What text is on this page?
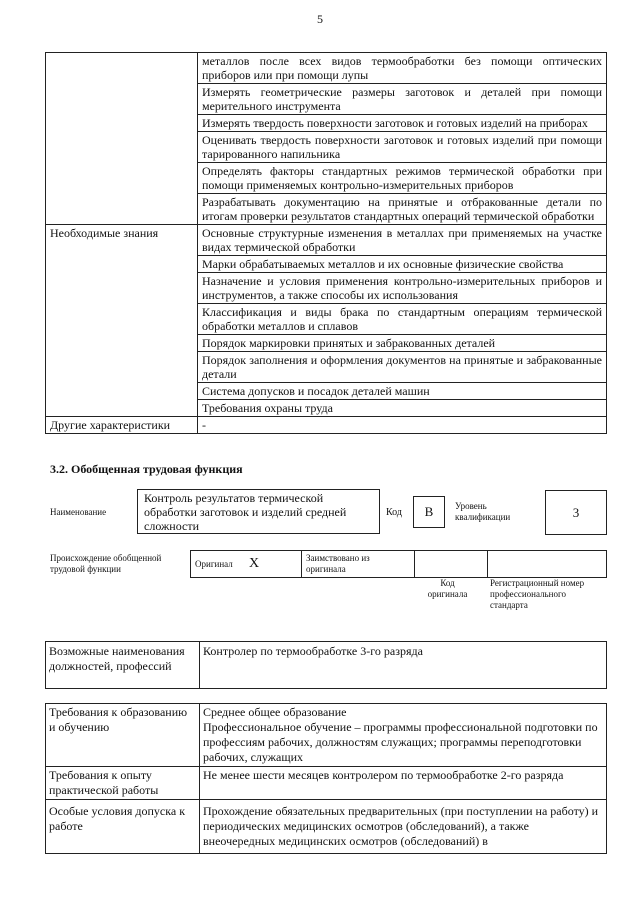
5
	металлов после всех видов термообработки без помощи оптических приборов или при помощи лупы
	Измерять геометрические размеры заготовок и деталей при помощи мерительного инструмента
	Измерять твердость поверхности заготовок и готовых изделий на приборах
	Оценивать твердость поверхности заготовок и готовых изделий при помощи тарированного напильника
	Определять факторы стандартных режимов термической обработки при помощи применяемых контрольно-измерительных приборов
	Разрабатывать документацию на принятые и отбракованные детали по итогам проверки результатов стандартных операций термической обработки
Необходимые знания	Основные структурные изменения в металлах при применяемых на участке видах термической обработки
	Марки обрабатываемых металлов и их основные физические свойства
	Назначение и условия применения контрольно-измерительных приборов и инструментов, а также способы их использования
	Классификация и виды брака по стандартным операциям термической обработки металлов и сплавов
	Порядок маркировки принятых и забракованных деталей
	Порядок заполнения и оформления документов на принятые и забракованные детали
	Система допусков и посадок деталей машин
	Требования охраны труда
Другие характеристики	-
3.2. Обобщенная трудовая функция
Наименование
Контроль результатов термической обработки заготовок и изделий средней сложности
Код	B	Уровень квалификации	3
Происхождение обобщенной трудовой функции	Оригинал X	Заимствовано из оригинала		
Код оригинала
Регистрационный номер профессионального стандарта
Возможные наименования должностей, профессий	Контролер по термообработке 3-го разряда
Требования к образованию и обучению	Среднее общее образование
Профессиональное обучение – программы профессиональной подготовки по профессиям рабочих, должностям служащих; программы переподготовки рабочих, служащих

Требования к опыту практической работы	Не менее шести месяцев контролером по термообработке 2-го разряда
Особые условия допуска к работе	Прохождение обязательных предварительных (при поступлении на работу) и периодических медицинских осмотров (обследований), а также внеочередных медицинских осмотров (обследований) в
